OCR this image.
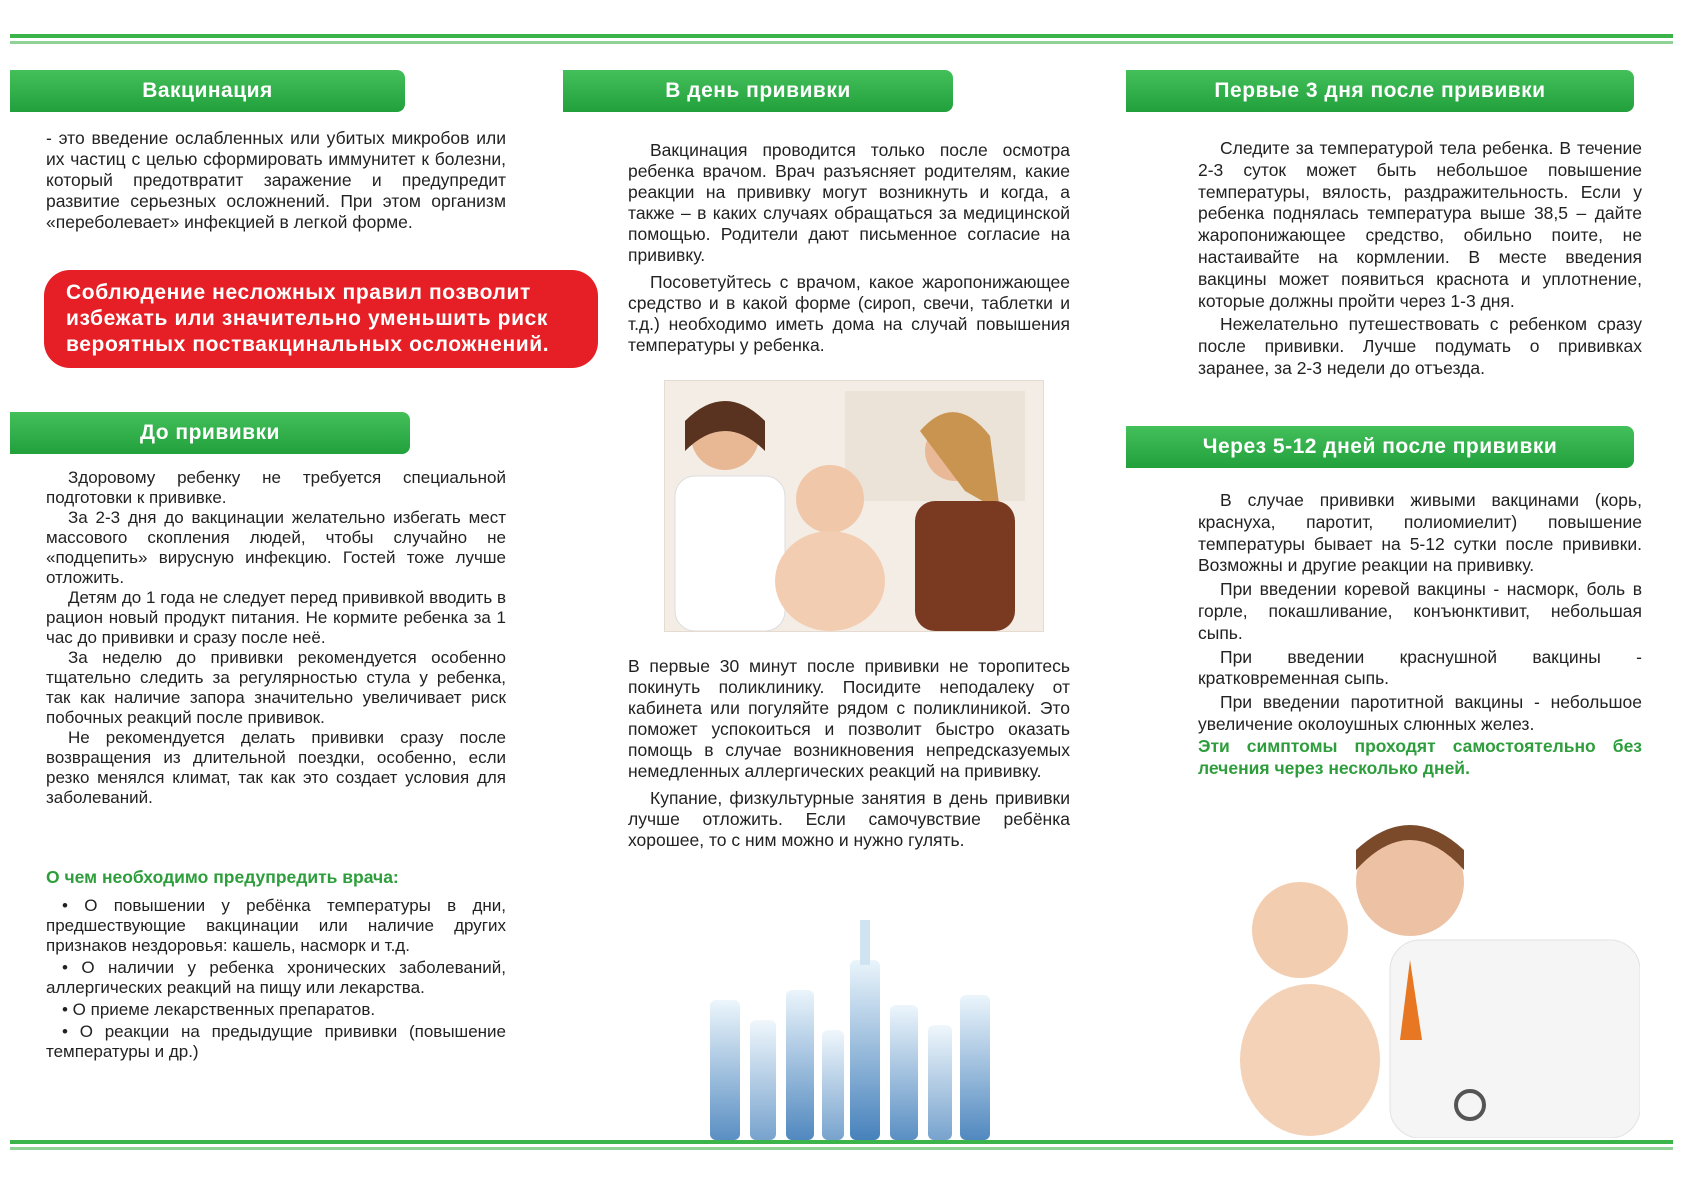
Вакцинация

- это введение ослабленных или убитых микробов или их частиц с целью сформировать иммунитет к болезни, который предотвратит заражение и предупредит развитие серьезных осложнений. При этом организм «переболевает» инфекцией в легкой форме.

Соблюдение несложных правил позволит избежать или значительно уменьшить риск вероятных поствакцинальных осложнений.
До прививки

Здоровому ребенку не требуется специальной подготовки к прививке.

За 2-3 дня до вакцинации желательно избегать мест массового скопления людей, чтобы случайно не «подцепить» вирусную инфекцию. Гостей тоже лучше отложить.

Детям до 1 года не следует перед прививкой вводить в рацион новый продукт питания. Не кормите ребенка за 1 час до прививки и сразу после неё.

За неделю до прививки рекомендуется особенно тщательно следить за регулярностью стула у ребенка, так как наличие запора значительно увеличивает риск побочных реакций после прививок.

Не рекомендуется делать прививки сразу после возвращения из длительной поездки, особенно, если резко менялся климат, так как это создает условия для заболеваний.

О чем необходимо предупредить врача:

• О повышении у ребёнка температуры в дни, предшествующие вакцинации или наличие других признаков нездоровья: кашель, насморк и т.д.

• О наличии у ребенка хронических заболеваний, аллергических реакций на пищу или лекарства.

• О приеме лекарственных препаратов.

• О реакции на предыдущие прививки (повышение температуры и др.)

В день прививки

Вакцинация проводится только после осмотра ребенка врачом. Врач разъясняет родителям, какие реакции на прививку могут возникнуть и когда, а также – в каких случаях обращаться за медицинской помощью. Родители дают письменное согласие на прививку.

Посоветуйтесь с врачом, какое жаропонижающее средство и в какой форме (сироп, свечи, таблетки и т.д.) необходимо иметь дома на случай повышения температуры у ребенка.

В первые 30 минут после прививки не торопитесь покинуть поликлинику. Посидите неподалеку от кабинета или погуляйте рядом с поликлиникой. Это поможет успокоиться и позволит быстро оказать помощь в случае возникновения непредсказуемых немедленных аллергических реакций на прививку.

Купание, физкультурные занятия в день прививки лучше отложить. Если самочувствие ребёнка хорошее, то с ним можно и нужно гулять.

Первые 3 дня после прививки

Следите за температурой тела ребенка. В течение 2-3 суток может быть небольшое повышение температуры, вялость, раздражительность. Если у ребенка поднялась температура выше 38,5 – дайте жаропонижающее средство, обильно поите, не настаивайте на кормлении. В месте введения вакцины может появиться краснота и уплотнение, которые должны пройти через 1-3 дня.

Нежелательно путешествовать с ребенком сразу после прививки. Лучше подумать о прививках заранее, за 2-3 недели до отъезда.

Через 5-12 дней после прививки

В случае прививки живыми вакцинами (корь, краснуха, паротит, полиомиелит) повышение температуры бывает на 5-12 сутки после прививки. Возможны и другие реакции на прививку.

При введении коревой вакцины - насморк, боль в горле, покашливание, конъюнктивит, небольшая сыпь.

При введении краснушной вакцины - кратковременная сыпь.

При введении паротитной вакцины - небольшое увеличение околоушных слюнных желез.

Эти симптомы проходят самостоятельно без лечения через несколько дней.
